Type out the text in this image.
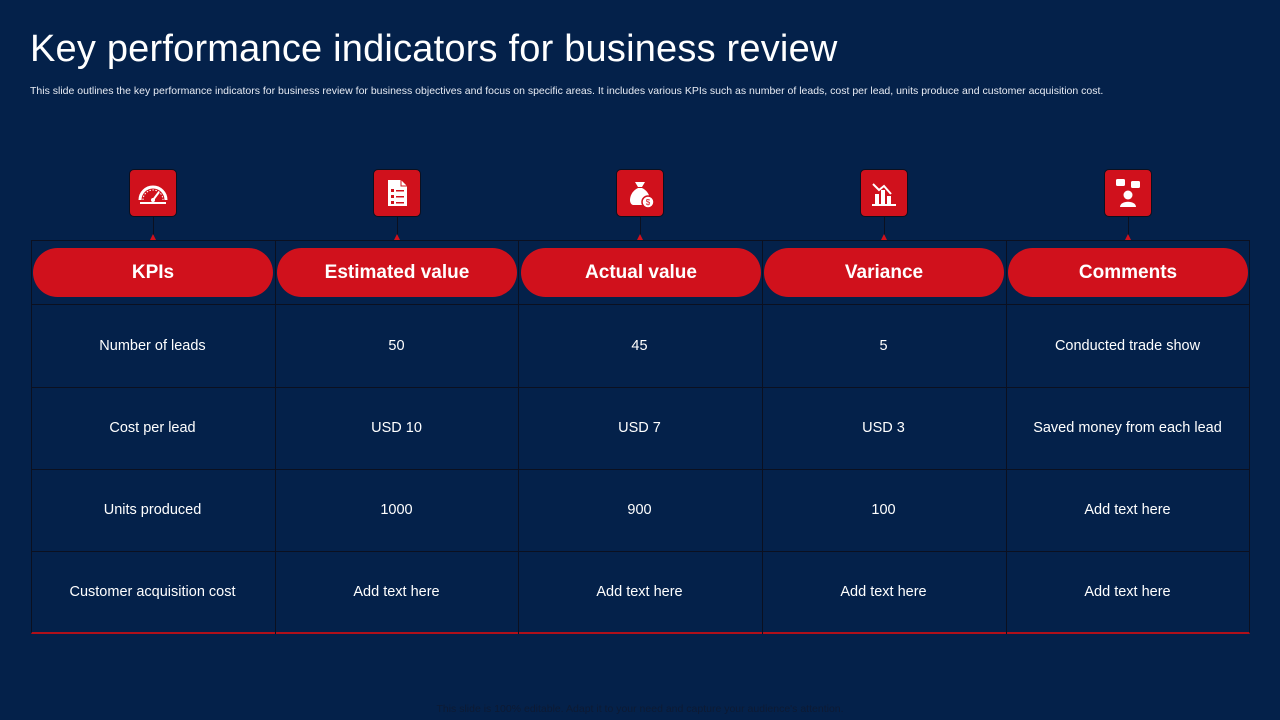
Key performance indicators for business review
This slide outlines the key performance indicators for business review for business objectives and focus on specific areas. It includes various KPIs such as number of leads, cost per lead, units produce and customer acquisition cost.
$
KPIs	Estimated value	Actual value	Variance	Comments
Number of leads	50	45	5	Conducted trade show
Cost per lead	USD 10	USD 7	USD 3	Saved money from each lead
Units produced	1000	900	100	Add text here
Customer acquisition cost	Add text here	Add text here	Add text here	Add text here
This slide is 100% editable. Adapt it to your need and capture your audience's attention.
